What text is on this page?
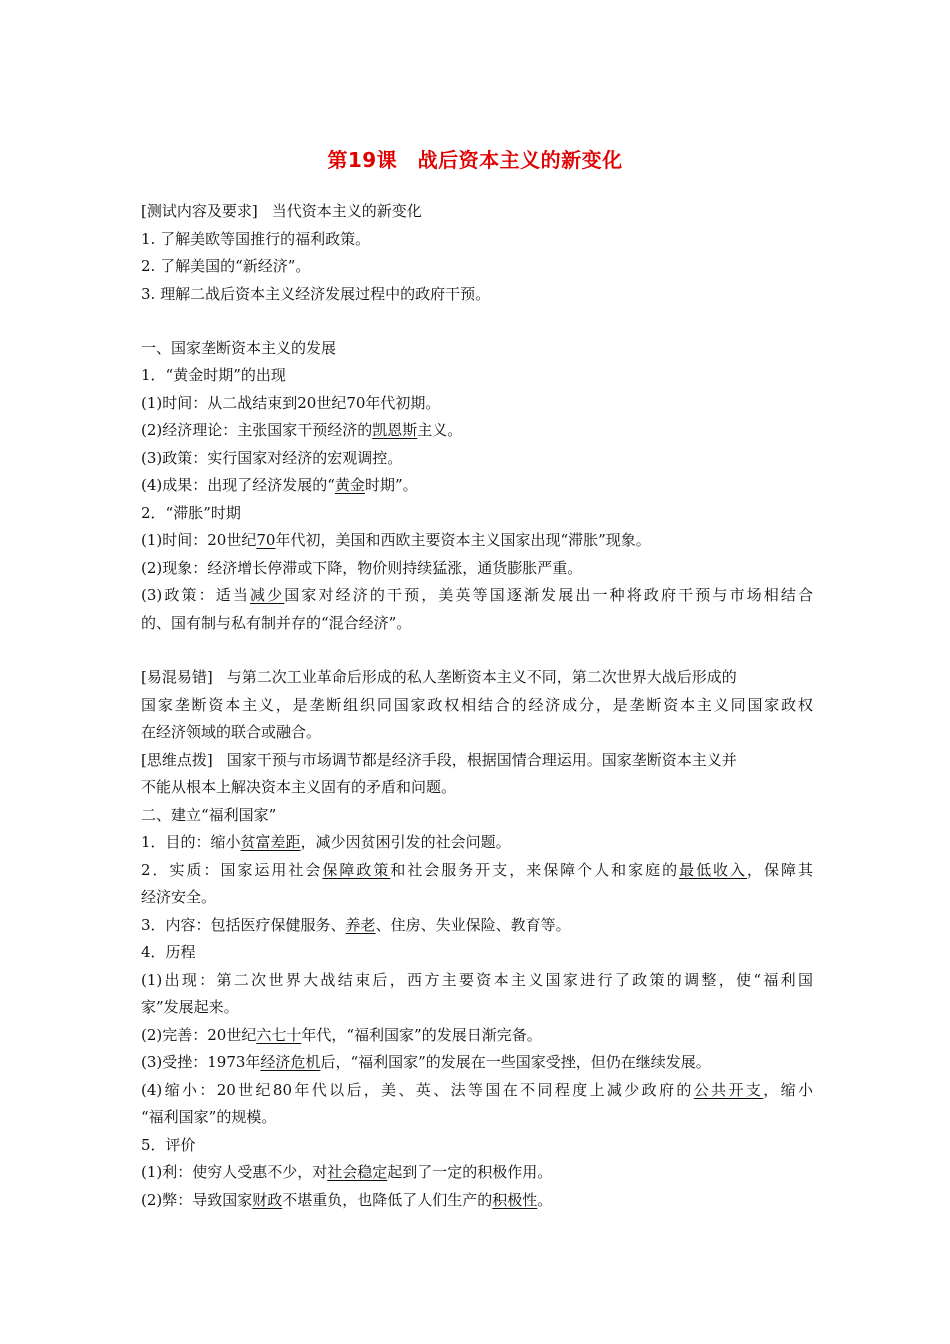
第19课　战后资本主义的新变化
[测试内容及要求] 当代资本主义的新变化
1. 了解美欧等国推行的福利政策。
2. 了解美国的“新经济”。
3. 理解二战后资本主义经济发展过程中的政府干预。
一、国家垄断资本主义的发展
1．“黄金时期”的出现
(1)时间：从二战结束到20世纪70年代初期。
(2)经济理论：主张国家干预经济的凯恩斯主义。
(3)政策：实行国家对经济的宏观调控。
(4)成果：出现了经济发展的“黄金时期”。
2．“滞胀”时期
(1)时间：20世纪70年代初，美国和西欧主要资本主义国家出现“滞胀”现象。
(2)现象：经济增长停滞或下降，物价则持续猛涨，通货膨胀严重。
(3)政策：适当减少国家对经济的干预，美英等国逐渐发展出一种将政府干预与市场相结合
的、国有制与私有制并存的“混合经济”。
[易混易错] 与第二次工业革命后形成的私人垄断资本主义不同，第二次世界大战后形成的
国家垄断资本主义，是垄断组织同国家政权相结合的经济成分，是垄断资本主义同国家政权
在经济领域的联合或融合。
[思维点拨] 国家干预与市场调节都是经济手段，根据国情合理运用。国家垄断资本主义并
不能从根本上解决资本主义固有的矛盾和问题。
二、建立“福利国家”
1．目的：缩小贫富差距，减少因贫困引发的社会问题。
2．实质：国家运用社会保障政策和社会服务开支，来保障个人和家庭的最低收入，保障其
经济安全。
3．内容：包括医疗保健服务、养老、住房、失业保险、教育等。
4．历程
(1)出现：第二次世界大战结束后，西方主要资本主义国家进行了政策的调整，使“福利国
家”发展起来。
(2)完善：20世纪六七十年代，“福利国家”的发展日渐完备。
(3)受挫：1973年经济危机后，“福利国家”的发展在一些国家受挫，但仍在继续发展。
(4)缩小：20世纪80年代以后，美、英、法等国在不同程度上减少政府的公共开支，缩小
“福利国家”的规模。
5．评价
(1)利：使穷人受惠不少，对社会稳定起到了一定的积极作用。
(2)弊：导致国家财政不堪重负，也降低了人们生产的积极性。
